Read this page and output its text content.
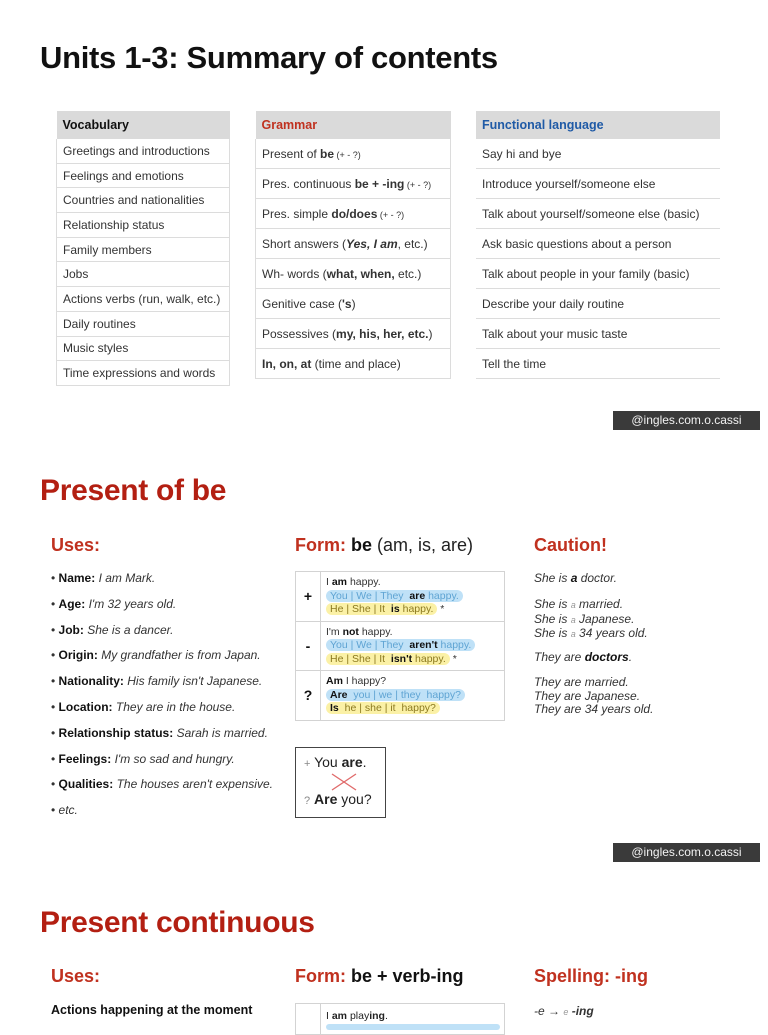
Units 1-3: Summary of contents
Vocabulary
Greetings and introductions
Feelings and emotions
Countries and nationalities
Relationship status
Family members
Jobs
Actions verbs (run, walk, etc.)
Daily routines
Music styles
Time expressions and words
Grammar
Present of be (+ - ?)
Pres. continuous be + -ing (+ - ?)
Pres. simple do/does (+ - ?)
Short answers (Yes, I am, etc.)
Wh- words (what, when, etc.)
Genitive case ('s)
Possessives (my, his, her, etc.)
In, on, at (time and place)
Functional language
Say hi and bye
Introduce yourself/someone else
Talk about yourself/someone else (basic)
Ask basic questions about a person
Talk about people in your family (basic)
Describe your daily routine
Talk about your music taste
Tell the time
@ingles.com.o.cassi
Present of be
Uses:	Form: be (am, is, are)	Caution!
• Name: I am Mark.
• Age: I'm 32 years old.
• Job: She is a dancer.
• Origin: My grandfather is from Japan.
• Nationality: His family isn't Japanese.
• Location: They are in the house.
• Relationship status: Sarah is married.
• Feelings: I'm so sad and hungry.
• Qualities: The houses aren't expensive.
• etc.
+
I am happy.
You | We | They are happy.
He | She | It is happy. *
-
I'm not happy.
You | We | They aren't happy.
He | She | It isn't happy. *
?
Am I happy?
Are you | we | they happy?
Is he | she | it happy?
+ You are.
? Are you?
She is a doctor.
She is a married.
She is a Japanese.
She is a 34 years old.
They are doctors.
They are married.
They are Japanese.
They are 34 years old.
@ingles.com.o.cassi
Present continuous
Uses:	Form: be + verb-ing	Spelling: -ing
Actions happening at the moment	I am playing.	-e → e -ing
